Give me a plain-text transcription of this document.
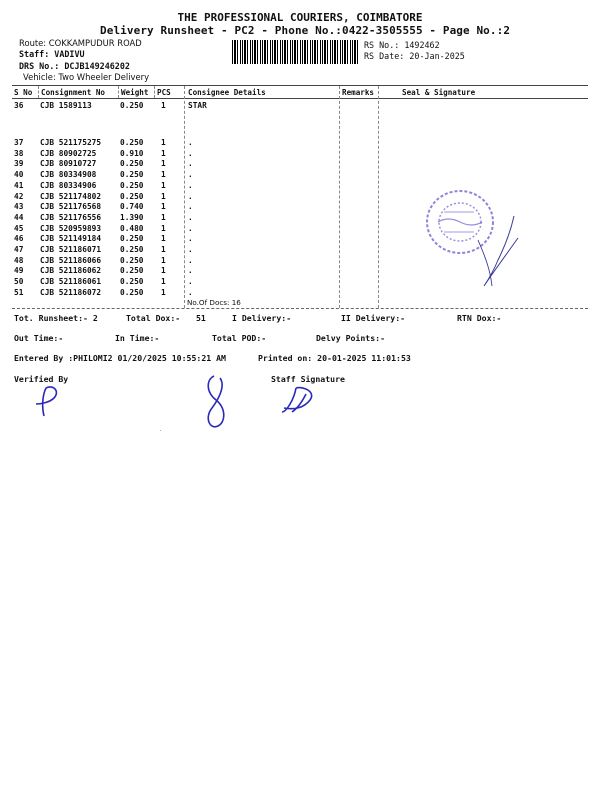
THE PROFESSIONAL COURIERS, COIMBATORE
Delivery Runsheet - PC2 - Phone No.:0422-3505555 - Page No.:2
Route: COKKAMPUDUR ROAD
Staff: VADIVU
DRS No.: DCJB149246202
Vehicle: Two Wheeler Delivery
RS No.: 1492462
RS Date: 20-Jan-2025
S No Consignment No Weight PCS Consignee Details	Remarks	Seal & Signature
36 CJB 1589113	0.250 1	STAR
37 CJB 521175275 0.250 1	.
38 CJB 80902725	0.910 1	.
39 CJB 80910727	0.250 1	.
40 CJB 80334908	0.250 1	.
41 CJB 80334906	0.250 1	.
42 CJB 521174802 0.250 1	.
43 CJB 521176568 0.740 1	.
44 CJB 521176556 1.390 1	.
45 CJB 520959893 0.480 1	.
46 CJB 521149184 0.250 1	.
47 CJB 521186071 0.250 1	.
48 CJB 521186066 0.250 1	.
49 CJB 521186062 0.250 1	.
50 CJB 521186061 0.250 1	.
51 CJB 521186072 0.250 1	.
No.Of Docs: 16
Tot. Runsheet:- 2	Total Dox:- 51	I Delivery:-	II Delivery:-	RTN Dox:-
Out Time:-	In Time:-	Total POD:-	Delvy Points:-
Entered By :PHILOMI2 01/20/2025 10:55:21 AM	Printed on: 20-01-2025 11:01:53
Verified By	Staff Signature
